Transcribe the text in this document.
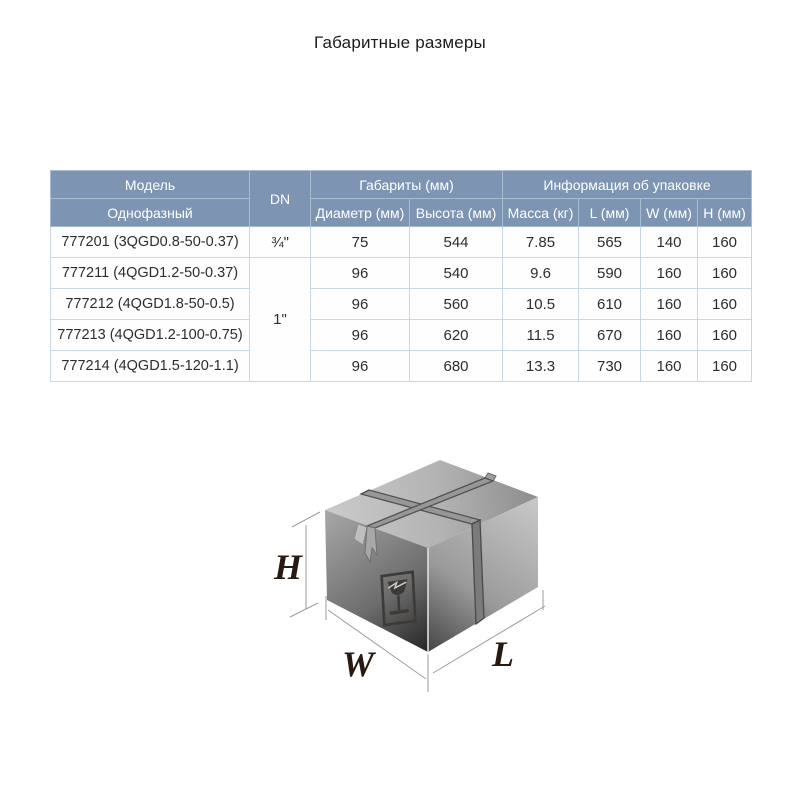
Габаритные размеры
Модель	DN	Габариты (мм)		Информация об упаковке			
Однофазный		Диаметр (мм)	Высота (мм)	Масса (кг)	L (мм)	W (мм)	H (мм)
777201 (3QGD0.8-50-0.37)	¾"	75	544	7.85	565	140	160
777211 (4QGD1.2-50-0.37)	1"	96	540	9.6	590	160	160
777212 (4QGD1.8-50-0.5)		96	560	10.5	610	160	160
777213 (4QGD1.2-100-0.75)		96	620	11.5	670	160	160
777214 (4QGD1.5-120-1.1)		96	680	13.3	730	160	160
H
W	L
